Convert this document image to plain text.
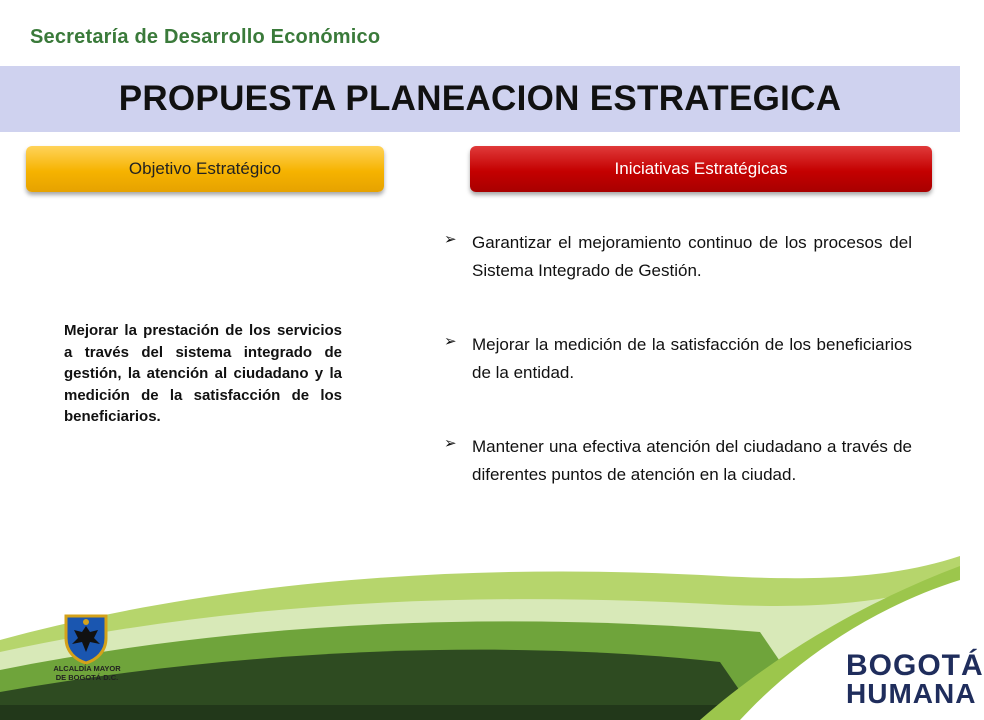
Secretaría de Desarrollo Económico
PROPUESTA PLANEACION ESTRATEGICA
Objetivo Estratégico	Iniciativas Estratégicas
Mejorar la prestación de los servicios a través del sistema integrado de gestión, la atención al ciudadano y la medición de la satisfacción de los beneficiarios.
➢ Garantizar el mejoramiento continuo de los procesos del Sistema Integrado de Gestión.
➢ Mejorar la medición de la satisfacción de los beneficiarios de la entidad.
➢ Mantener una efectiva atención del ciudadano a través de diferentes puntos de atención en la ciudad.
ALCALDÍA MAYOR
DE BOGOTÁ D.C.	BOGOTÁ
HUMANA
